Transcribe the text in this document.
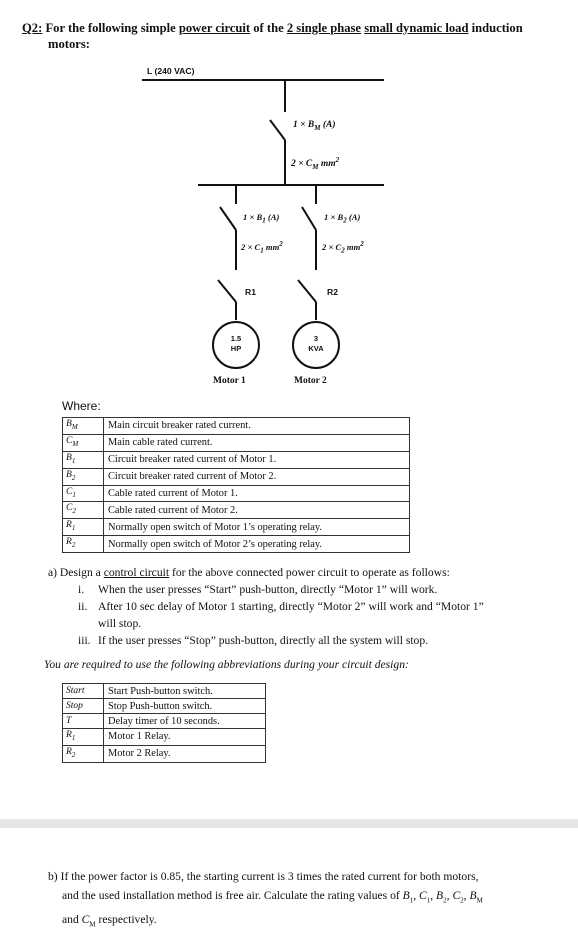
Q2: For the following simple power circuit of the 2 single phase small dynamic load induction
motors:
L (240 VAC)
$1 \times B_M$ (A)
$2 \times C_M$ $mm^2$
$1 \times B_1$ (A)
$2 \times C_1$ $mm^2$
$1 \times B_2$ (A)
$2 \times C_2$ $mm^2$
R1	R2
1.5
HP
3
KVA
Motor 1	Motor 2
Where:
$B_M$	Main circuit breaker rated current.
$C_M$	Main cable rated current.
$B_1$	Circuit breaker rated current of Motor 1.
$B_2$	Circuit breaker rated current of Motor 2.
$C_1$	Cable rated current of Motor 1.
$C_2$	Cable rated current of Motor 2.
$R_1$	Normally open switch of Motor 1’s operating relay.
$R_2$	Normally open switch of Motor 2’s operating relay.
a) Design a control circuit for the above connected power circuit to operate as follows:
i.	When the user presses “Start” push-button, directly “Motor 1” will work.
ii. After 10 sec delay of Motor 1 starting, directly “Motor 2” will work and “Motor 1”
will stop.
iii. If the user presses “Stop” push-button, directly all the system will stop.
You are required to use the following abbreviations during your circuit design:
Start	Start Push-button switch.
Stop	Stop Push-button switch.
T	Delay timer of 10 seconds.
$R_1$	Motor 1 Relay.
$R_2$	Motor 2 Relay.
b) If the power factor is 0.85, the starting current is 3 times the rated current for both motors,
and the used installation method is free air. Calculate the rating values of $B_1$, $C_1$, $B_2$, $C_2$, $B_M$
and $C_M$ respectively.
